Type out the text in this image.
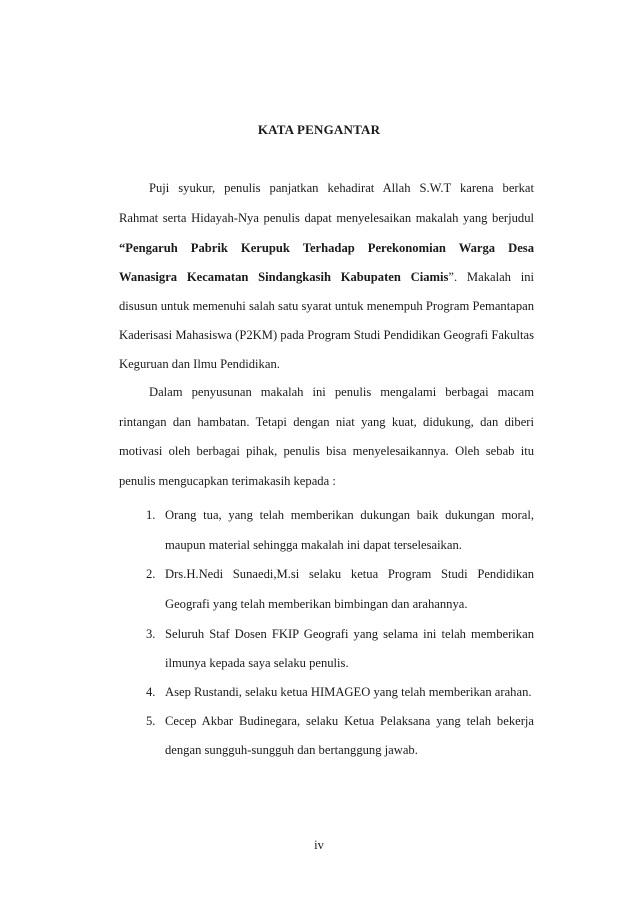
KATA PENGANTAR
Puji syukur, penulis panjatkan kehadirat Allah S.W.T karena berkat
Rahmat serta Hidayah-Nya penulis dapat menyelesaikan makalah yang berjudul
“Pengaruh Pabrik Kerupuk Terhadap Perekonomian Warga Desa
Wanasigra Kecamatan Sindangkasih Kabupaten Ciamis”. Makalah ini
disusun untuk memenuhi salah satu syarat untuk menempuh Program Pemantapan
Kaderisasi Mahasiswa (P2KM) pada Program Studi Pendidikan Geografi Fakultas
Keguruan dan Ilmu Pendidikan.
Dalam penyusunan makalah ini penulis mengalami berbagai macam
rintangan dan hambatan. Tetapi dengan niat yang kuat, didukung, dan diberi
motivasi oleh berbagai pihak, penulis bisa menyelesaikannya. Oleh sebab itu
penulis mengucapkan terimakasih kepada :
1. Orang tua, yang telah memberikan dukungan baik dukungan moral,
maupun material sehingga makalah ini dapat terselesaikan.
2. Drs.H.Nedi Sunaedi,M.si selaku ketua Program Studi Pendidikan
Geografi yang telah memberikan bimbingan dan arahannya.
3. Seluruh Staf Dosen FKIP Geografi yang selama ini telah memberikan
ilmunya kepada saya selaku penulis.
4. Asep Rustandi, selaku ketua HIMAGEO yang telah memberikan arahan.
5. Cecep Akbar Budinegara, selaku Ketua Pelaksana yang telah bekerja
dengan sungguh-sungguh dan bertanggung jawab.
iv
